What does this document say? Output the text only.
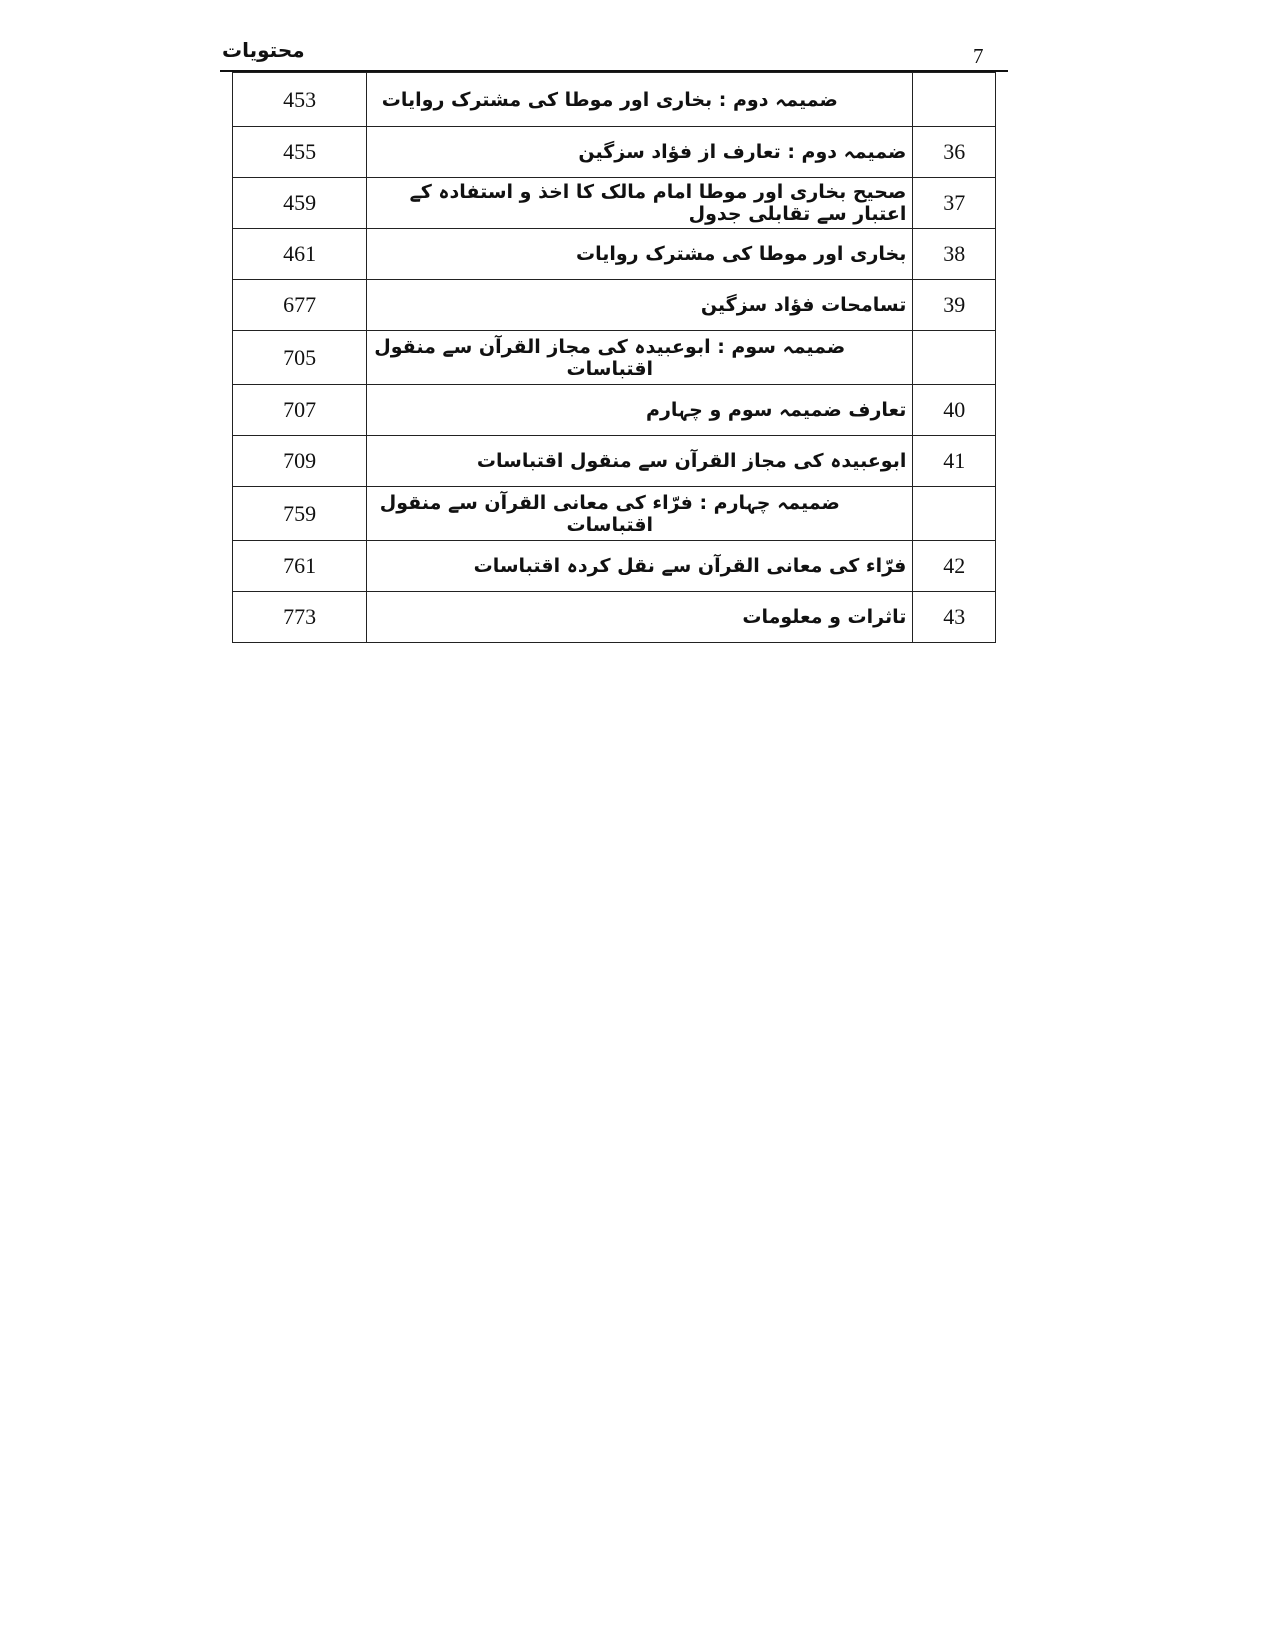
محتویات	7
453	ضمیمہ دوم : بخاری اور موطا کی مشترک روایات	
455	ضمیمہ دوم : تعارف از فؤاد سزگین	36
459	صحیح بخاری اور موطا امام مالک کا اخذ و استفادہ کے اعتبار سے تقابلی جدول	37
461	بخاری اور موطا کی مشترک روایات	38
677	تسامحات فؤاد سزگین	39
705	ضمیمہ سوم : ابوعبیدہ کی مجاز القرآن سے منقول اقتباسات	
707	تعارف ضمیمہ سوم و چہارم	40
709	ابوعبیدہ کی مجاز القرآن سے منقول اقتباسات	41
759	ضمیمہ چہارم : فرّاء کی معانی القرآن سے منقول اقتباسات	
761	فرّاء کی معانی القرآن سے نقل کردہ اقتباسات	42
773	تاثرات و معلومات	43
